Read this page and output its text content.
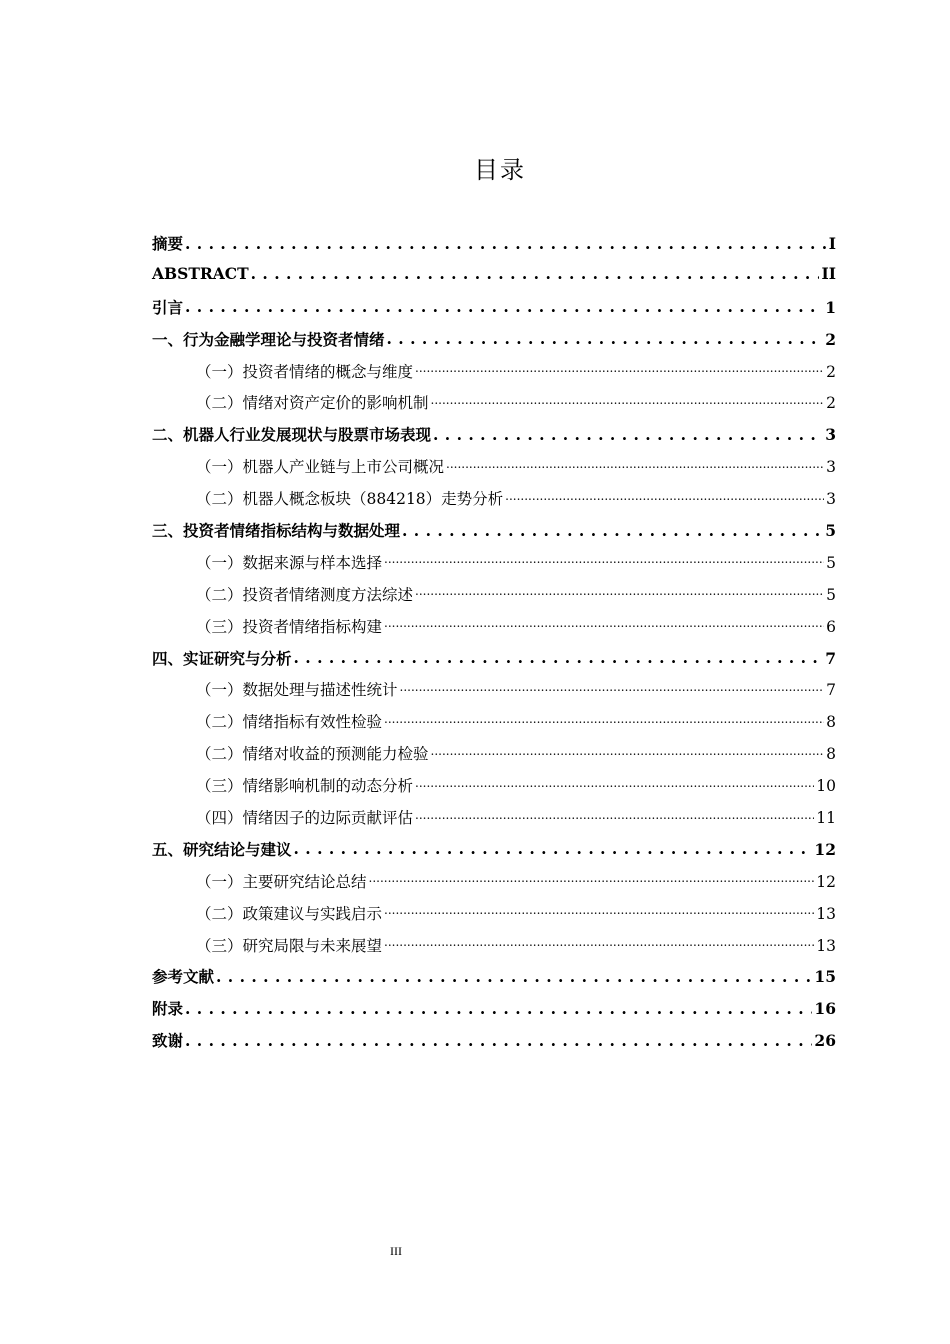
目录
摘要 . . .	I
ABSTRACT . . .	II
引言 . . .	1
一、行为金融学理论与投资者情绪 . . .	2
（一）投资者情绪的概念与维度 .....	2
（二）情绪对资产定价的影响机制 .....	2
二、机器人行业发展现状与股票市场表现 . . .	3
（一）机器人产业链与上市公司概况 .....	3
（二）机器人概念板块（884218）走势分析 .....	3
三、投资者情绪指标结构与数据处理 . . .	5
（一）数据来源与样本选择 .....	5
（二）投资者情绪测度方法综述 .....	5
（三）投资者情绪指标构建 .....	6
四、实证研究与分析 . . .	7
（一）数据处理与描述性统计 .....	7
（二）情绪指标有效性检验 .....	8
（二）情绪对收益的预测能力检验 .....	8
（三）情绪影响机制的动态分析 .....	10
（四）情绪因子的边际贡献评估 .....	11
五、研究结论与建议 . . .	12
（一）主要研究结论总结 .....	12
（二）政策建议与实践启示 .....	13
（三）研究局限与未来展望 .....	13
参考文献 . . .	15
附录 . . .	16
致谢 . . .	26
III
